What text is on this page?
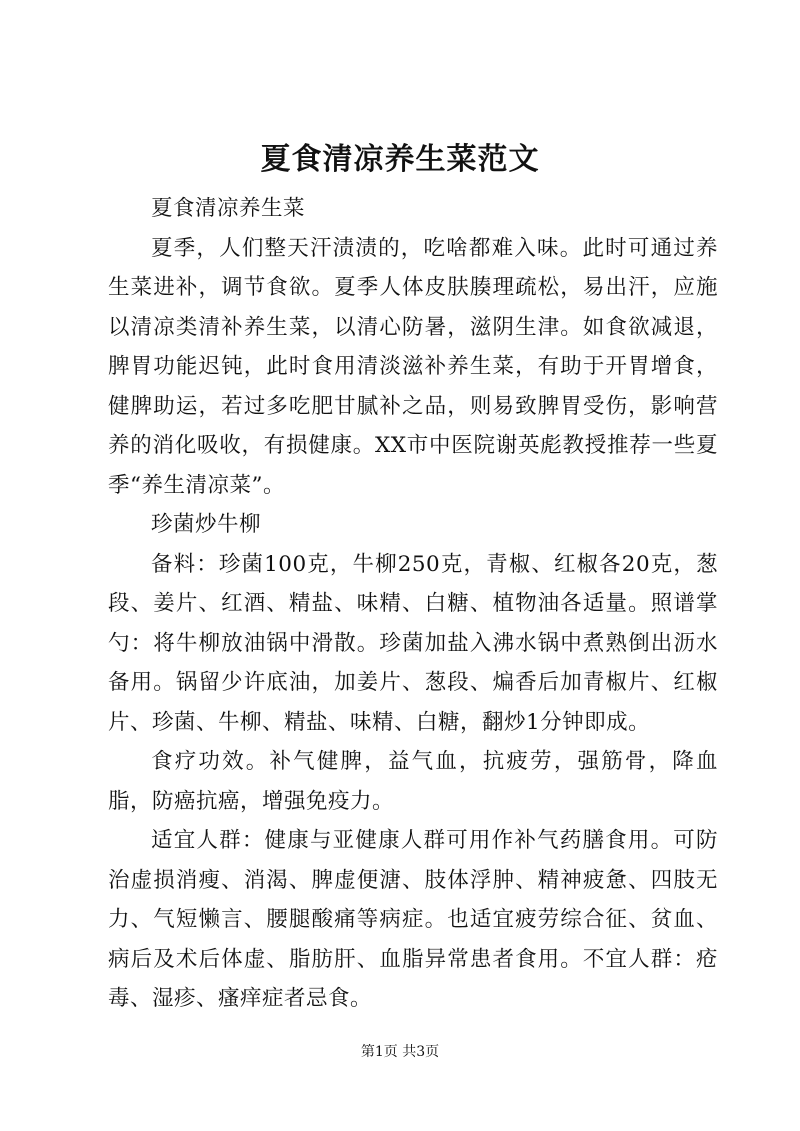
夏食清凉养生菜范文

夏食清凉养生菜

夏季，人们整天汗渍渍的，吃啥都难入味。此时可通过养生菜进补，调节食欲。夏季人体皮肤腠理疏松，易出汗，应施以清凉类清补养生菜，以清心防暑，滋阴生津。如食欲减退，脾胃功能迟钝，此时食用清淡滋补养生菜，有助于开胃增食，健脾助运，若过多吃肥甘腻补之品，则易致脾胃受伤，影响营养的消化吸收，有损健康。XX市中医院谢英彪教授推荐一些夏季“养生清凉菜”。

珍菌炒牛柳

备料：珍菌100克，牛柳250克，青椒、红椒各20克，葱段、姜片、红酒、精盐、味精、白糖、植物油各适量。照谱掌勺：将牛柳放油锅中滑散。珍菌加盐入沸水锅中煮熟倒出沥水备用。锅留少许底油，加姜片、葱段、煸香后加青椒片、红椒片、珍菌、牛柳、精盐、味精、白糖，翻炒1分钟即成。

食疗功效。补气健脾，益气血，抗疲劳，强筋骨，降血脂，防癌抗癌，增强免疫力。

适宜人群：健康与亚健康人群可用作补气药膳食用。可防治虚损消瘦、消渴、脾虚便溏、肢体浮肿、精神疲惫、四肢无力、气短懒言、腰腿酸痛等病症。也适宜疲劳综合征、贫血、病后及术后体虚、脂肪肝、血脂异常患者食用。不宜人群：疮毒、湿疹、瘙痒症者忌食。

第1页 共3页
